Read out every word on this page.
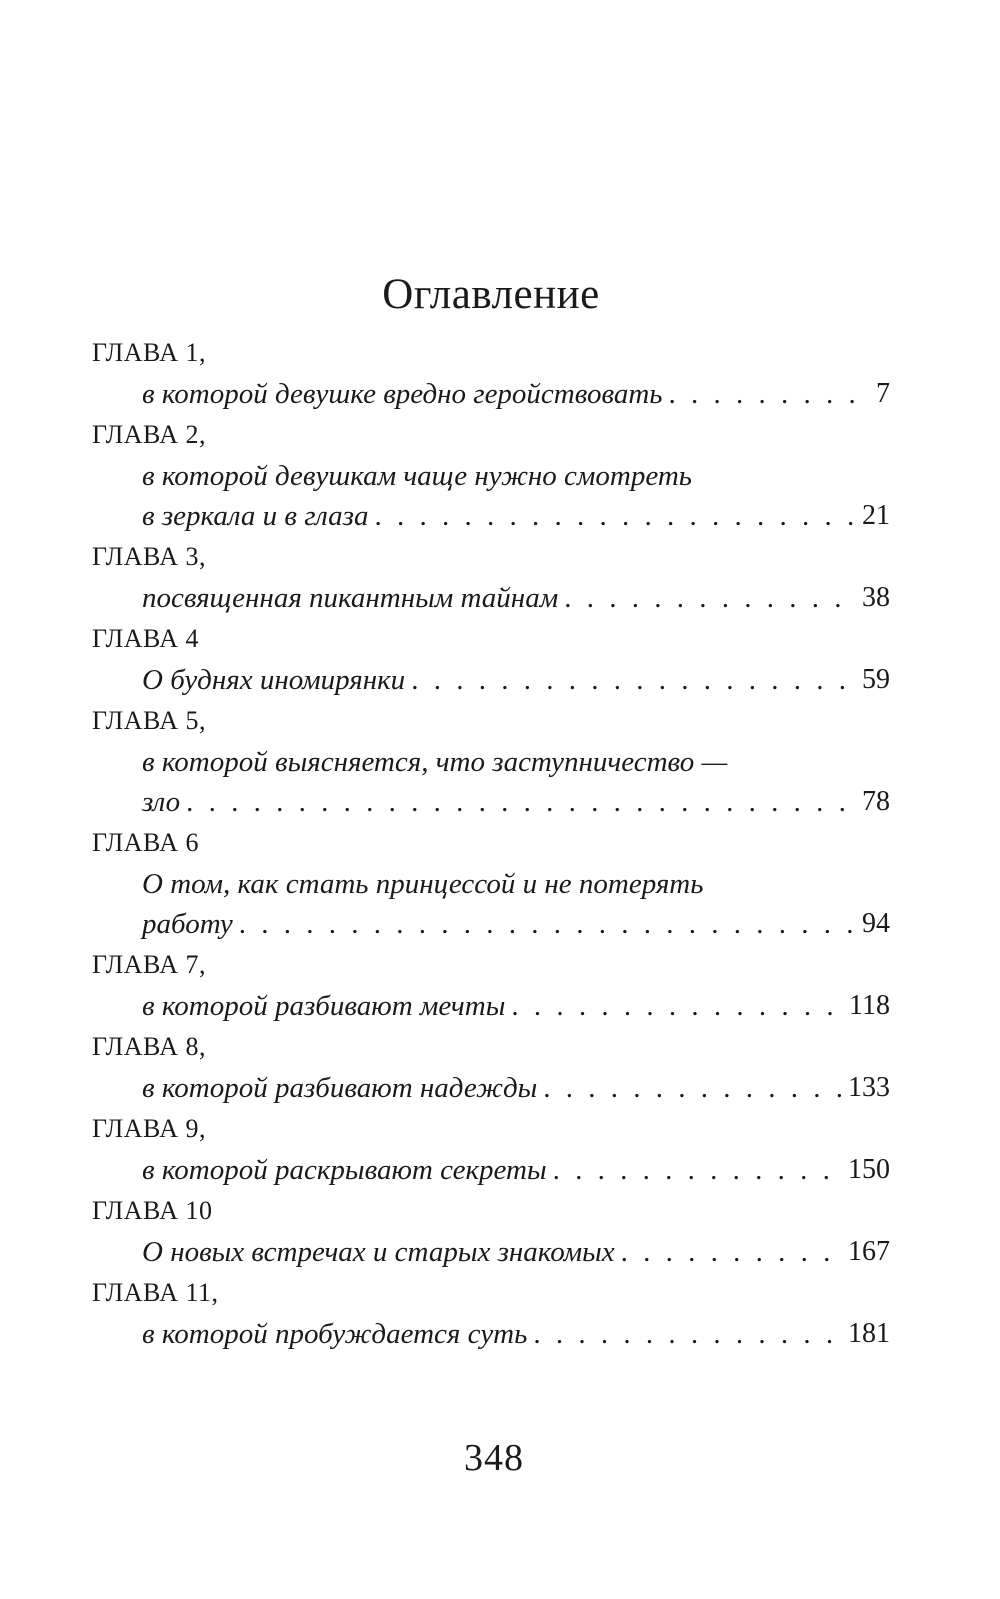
Оглавление
ГЛАВА 1,
в которой девушке вредно геройствовать . . .	7
ГЛАВА 2,
в которой девушкам чаще нужно смотреть
в зеркала и в глаза . . .	21
ГЛАВА 3,
посвященная пикантным тайнам . . .	38
ГЛАВА 4
О буднях иномирянки . . .	59
ГЛАВА 5,
в которой выясняется, что заступничество —
зло . . .	78
ГЛАВА 6
О том, как стать принцессой и не потерять
работу . . .	94
ГЛАВА 7,
в которой разбивают мечты . . .	118
ГЛАВА 8,
в которой разбивают надежды . . .	133
ГЛАВА 9,
в которой раскрывают секреты . . .	150
ГЛАВА 10
О новых встречах и старых знакомых . . .	167
ГЛАВА 11,
в которой пробуждается суть . . .	181
348
